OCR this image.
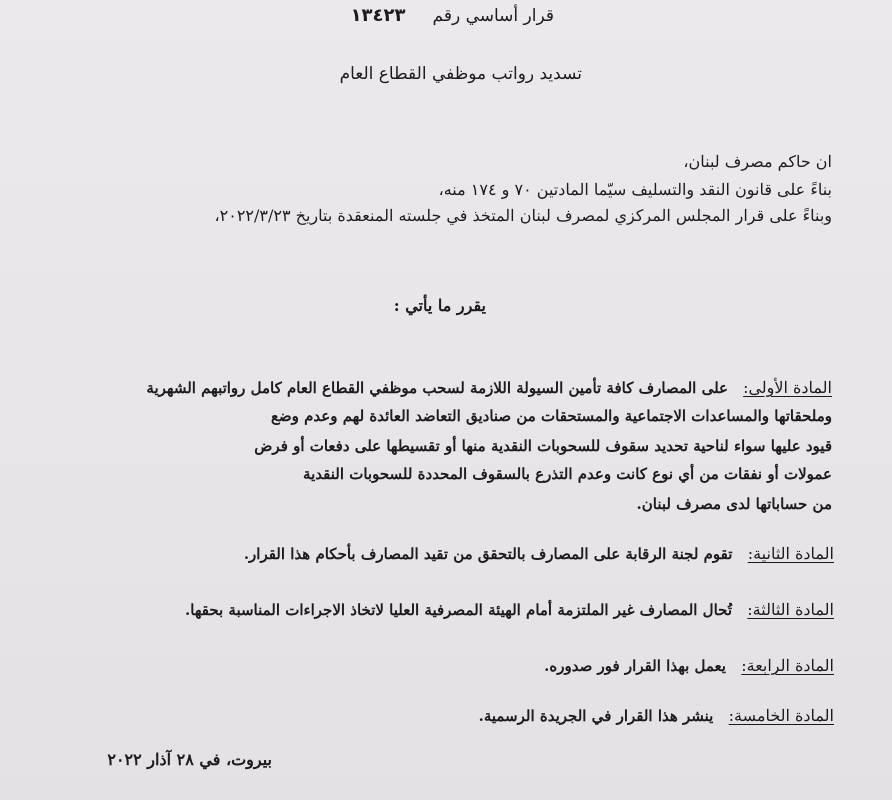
قرار أساسي رقم     ١٣٤٢٣
تسديد رواتب موظفي القطاع العام
ان حاكم مصرف لبنان،
بناءً على قانون النقد والتسليف سيّما المادتين ٧٠ و ١٧٤ منه،
وبناءً على قرار المجلس المركزي لمصرف لبنان المتخذ في جلسته المنعقدة بتاريخ ٢٠٢٢/٣/٢٣،
يقرر ما يأتي :
المادة الأولى:
على المصارف كافة تأمين السيولة اللازمة لسحب موظفي القطاع العام كامل رواتبهم الشهرية
وملحقاتها والمساعدات الاجتماعية والمستحقات من صناديق التعاضد العائدة لهم وعدم وضع
قيود عليها سواء لناحية تحديد سقوف للسحوبات النقدية منها أو تقسيطها على دفعات أو فرض
عمولات أو نفقات من أي نوع كانت وعدم التذرع بالسقوف المحددة للسحوبات النقدية
من حساباتها لدى مصرف لبنان.
المادة الثانية:   تقوم لجنة الرقابة على المصارف بالتحقق من تقيد المصارف بأحكام هذا القرار.
المادة الثالثة:   تُحال المصارف غير الملتزمة أمام الهيئة المصرفية العليا لاتخاذ الاجراءات المناسبة بحقها.
المادة الرابعة:   يعمل بهذا القرار فور صدوره.
المادة الخامسة:   ينشر هذا القرار في الجريدة الرسمية.
بيروت، في ٢٨ آذار ٢٠٢٢
